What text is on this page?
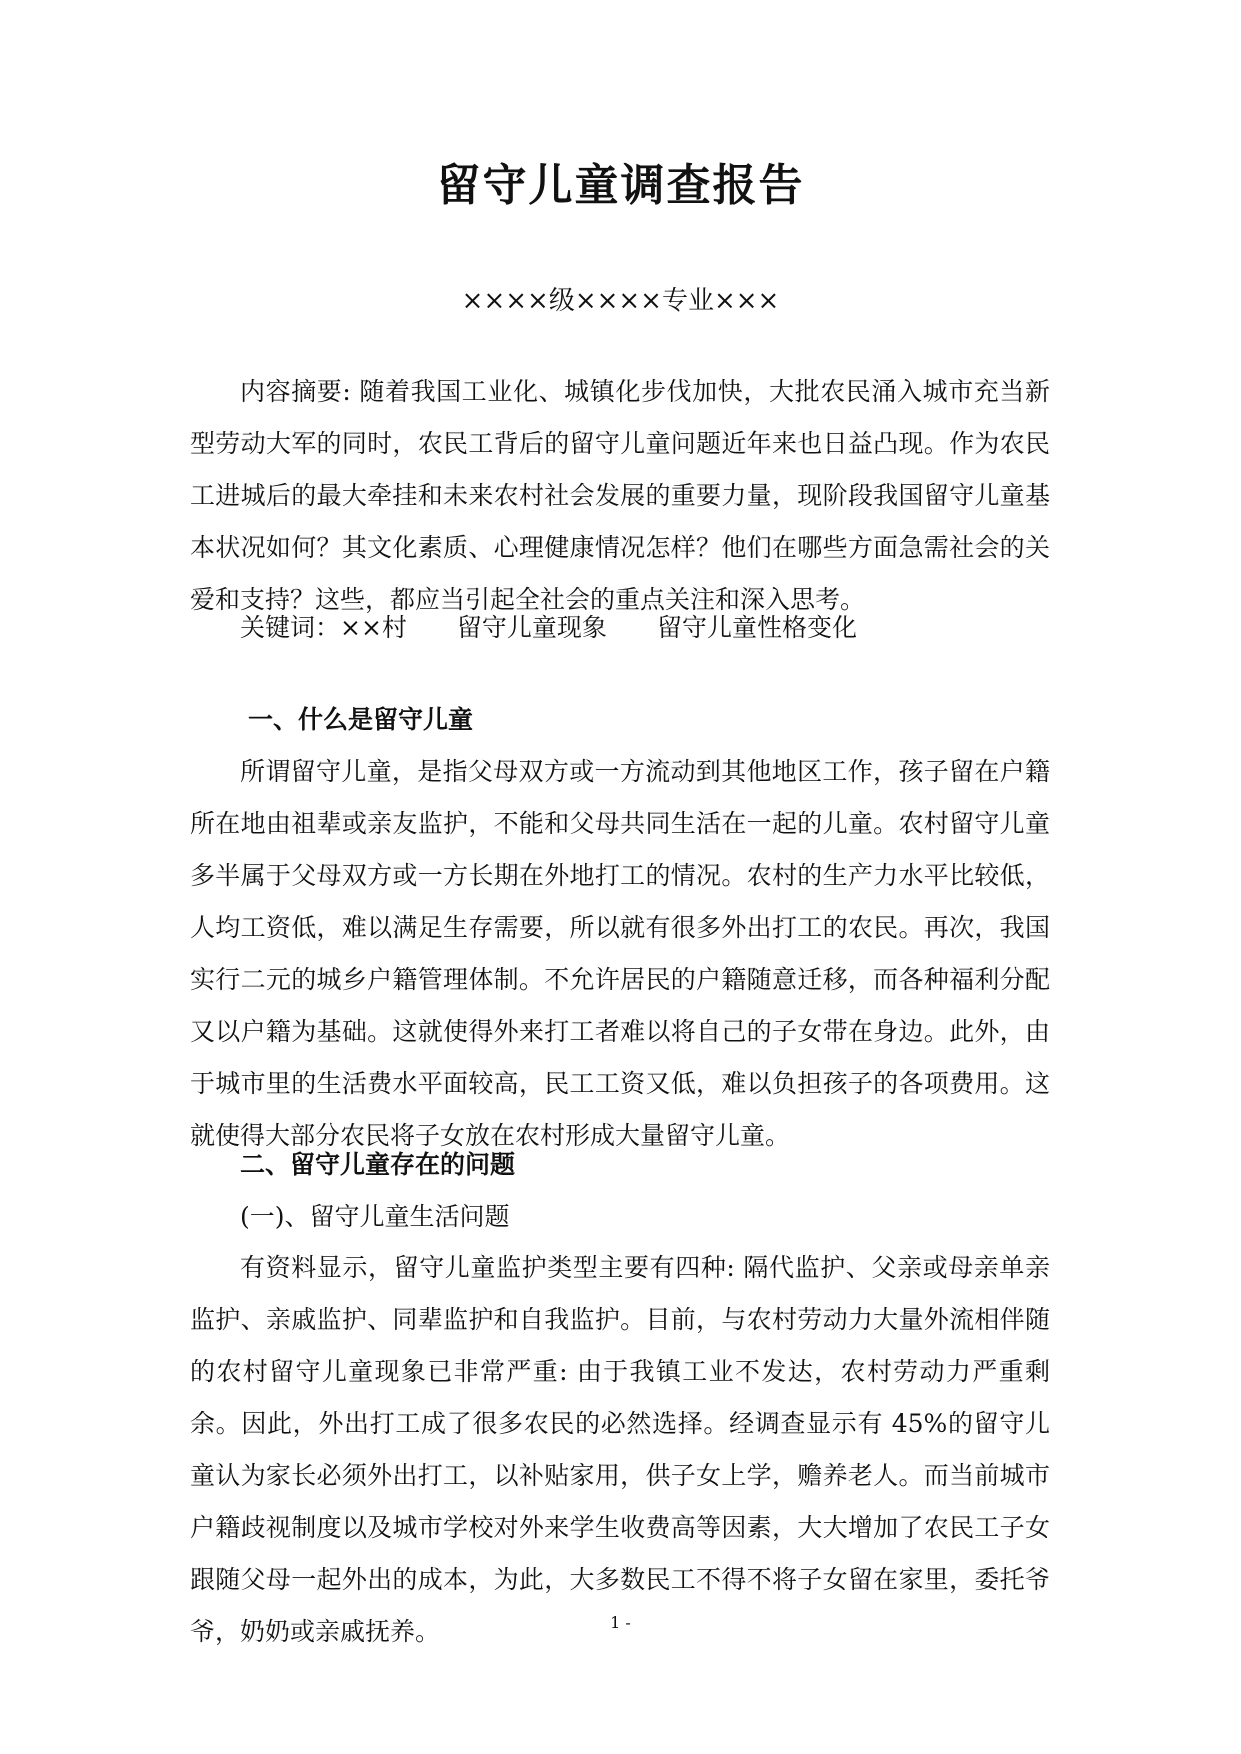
留守儿童调查报告
××××级××××专业×××

内容摘要: 随着我国工业化、城镇化步伐加快，大批农民涌入城市充当新型劳动大军的同时，农民工背后的留守儿童问题近年来也日益凸现。作为农民工进城后的最大牵挂和未来农村社会发展的重要力量，现阶段我国留守儿童基本状况如何？其文化素质、心理健康情况怎样？他们在哪些方面急需社会的关爱和支持？这些，都应当引起全社会的重点关注和深入思考。

关键词：××村 留守儿童现象 留守儿童性格变化
一、什么是留守儿童

所谓留守儿童，是指父母双方或一方流动到其他地区工作，孩子留在户籍所在地由祖辈或亲友监护，不能和父母共同生活在一起的儿童。农村留守儿童多半属于父母双方或一方长期在外地打工的情况。农村的生产力水平比较低，人均工资低，难以满足生存需要，所以就有很多外出打工的农民。再次，我国实行二元的城乡户籍管理体制。不允许居民的户籍随意迁移，而各种福利分配又以户籍为基础。这就使得外来打工者难以将自己的子女带在身边。此外，由于城市里的生活费水平面较高，民工工资又低，难以负担孩子的各项费用。这就使得大部分农民将子女放在农村形成大量留守儿童。

二、留守儿童存在的问题
(一)、留守儿童生活问题

有资料显示，留守儿童监护类型主要有四种: 隔代监护、父亲或母亲单亲监护、亲戚监护、同辈监护和自我监护。目前，与农村劳动力大量外流相伴随的农村留守儿童现象已非常严重: 由于我镇工业不发达，农村劳动力严重剩余。因此，外出打工成了很多农民的必然选择。经调查显示有 45%的留守儿童认为家长必须外出打工，以补贴家用，供子女上学，赡养老人。而当前城市户籍歧视制度以及城市学校对外来学生收费高等因素，大大增加了农民工子女跟随父母一起外出的成本，为此，大多数民工不得不将子女留在家里，委托爷爷，奶奶或亲戚抚养。	1 -
